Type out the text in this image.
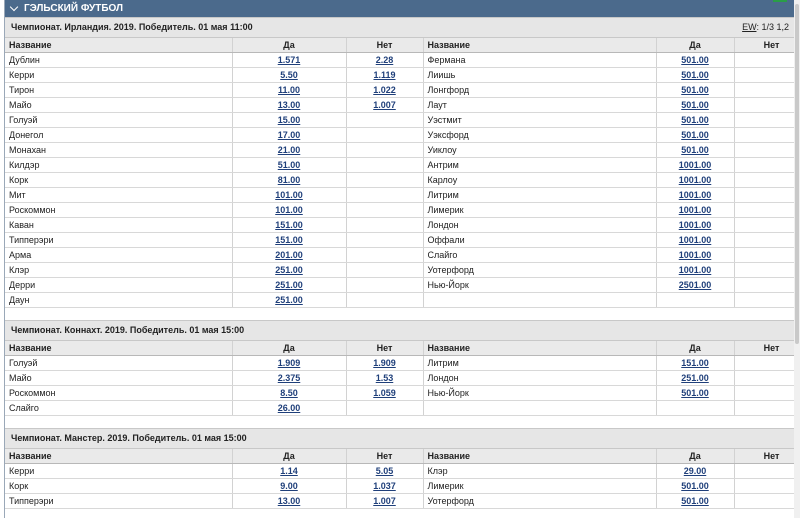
ГЭЛЬСКИЙ ФУТБОЛ
Чемпионат. Ирландия. 2019. Победитель. 01 мая 11:00	EW: 1/3 1,2
Название	Да	Нет	Название	Да	Нет
Дублин	1.571	2.28	Фермана	501.00	
Керри	5.50	1.119	Лиишь	501.00	
Тирон	11.00	1.022	Лонгфорд	501.00	
Майо	13.00	1.007	Лаут	501.00	
Голуэй	15.00		Уэстмит	501.00	
Донегол	17.00		Уэксфорд	501.00	
Монахан	21.00		Уиклоу	501.00	
Килдэр	51.00		Антрим	1001.00	
Корк	81.00		Карлоу	1001.00	
Мит	101.00		Литрим	1001.00	
Роскоммон	101.00		Лимерик	1001.00	
Каван	151.00		Лондон	1001.00	
Типперэри	151.00		Оффали	1001.00	
Арма	201.00		Слайго	1001.00	
Клэр	251.00		Уотерфорд	1001.00	
Дерри	251.00		Нью-Йорк	2501.00	
Даун	251.00				
Чемпионат. Коннахт. 2019. Победитель. 01 мая 15:00
Название	Да	Нет	Название	Да	Нет
Голуэй	1.909	1.909	Литрим	151.00	
Майо	2.375	1.53	Лондон	251.00	
Роскоммон	8.50	1.059	Нью-Йорк	501.00	
Слайго	26.00				
Чемпионат. Манстер. 2019. Победитель. 01 мая 15:00
Название	Да	Нет	Название	Да	Нет
Керри	1.14	5.05	Клэр	29.00	
Корк	9.00	1.037	Лимерик	501.00	
Типперэри	13.00	1.007	Уотерфорд	501.00	
